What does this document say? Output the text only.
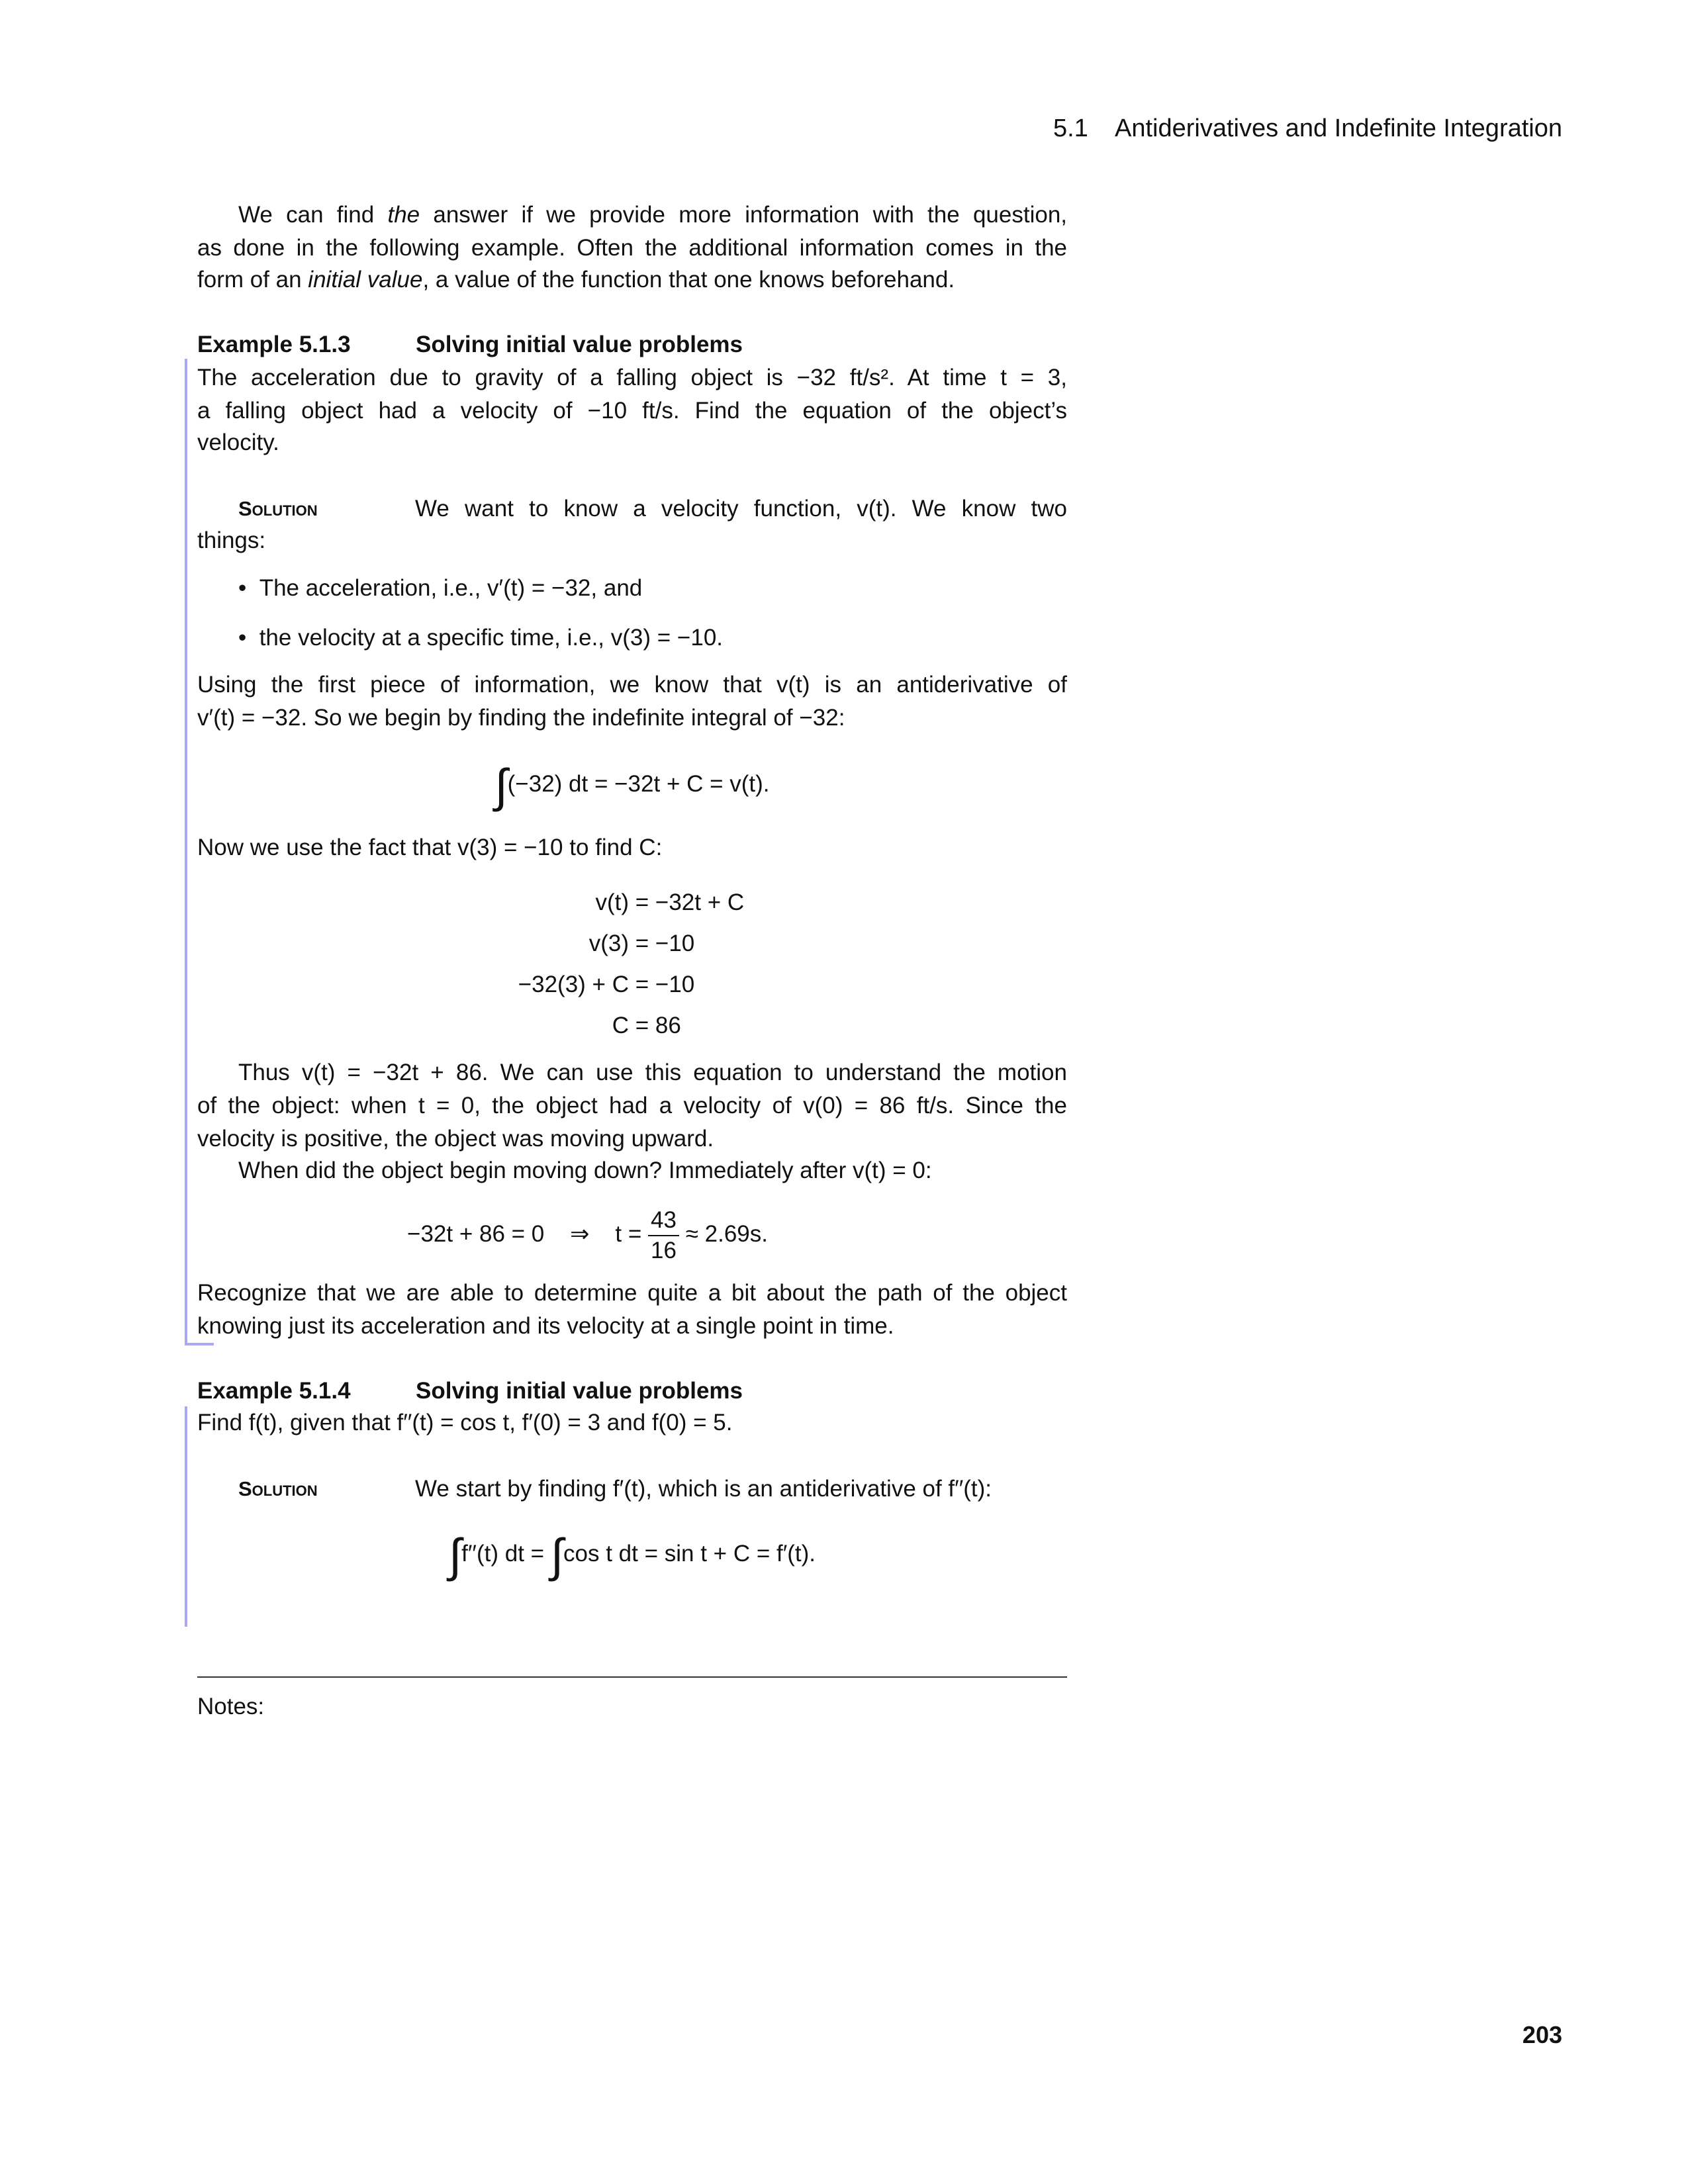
5.1 Antiderivatives and Indefinite Integration
We can find the answer if we provide more information with the question,
as done in the following example. Often the additional information comes in the
form of an initial value, a value of the function that one knows beforehand.
Example 5.1.3	Solving initial value problems
The acceleration due to gravity of a falling object is −32 ft/s². At time t = 3,
a falling object had a velocity of −10 ft/s. Find the equation of the object’s
velocity.
Solution	We want to know a velocity function, v(t). We know two
things:
•  The acceleration, i.e., v′(t) = −32, and
•  the velocity at a specific time, i.e., v(3) = −10.
Using the first piece of information, we know that v(t) is an antiderivative of
v′(t) = −32. So we begin by finding the indefinite integral of −32:
∫(−32) dt = −32t + C = v(t).
Now we use the fact that v(3) = −10 to find C:
v(t) = −32t + C
v(3) = −10
−32(3) + C = −10
C = 86
Thus v(t) = −32t + 86. We can use this equation to understand the motion
of the object: when t = 0, the object had a velocity of v(0) = 86 ft/s. Since the
velocity is positive, the object was moving upward.
When did the object begin moving down? Immediately after v(t) = 0:
−32t + 86 = 0 ⇒ $t = \frac{43}{16} \approx 2.69s$.
Recognize that we are able to determine quite a bit about the path of the object
knowing just its acceleration and its velocity at a single point in time.
Example 5.1.4	Solving initial value problems
Find f(t), given that f′′(t) = cos t, f′(0) = 3 and f(0) = 5.
Solution	We start by finding f′(t), which is an antiderivative of f′′(t):
∫f′′(t) dt = ∫cos t dt = sin t + C = f′(t).
Notes:
203
